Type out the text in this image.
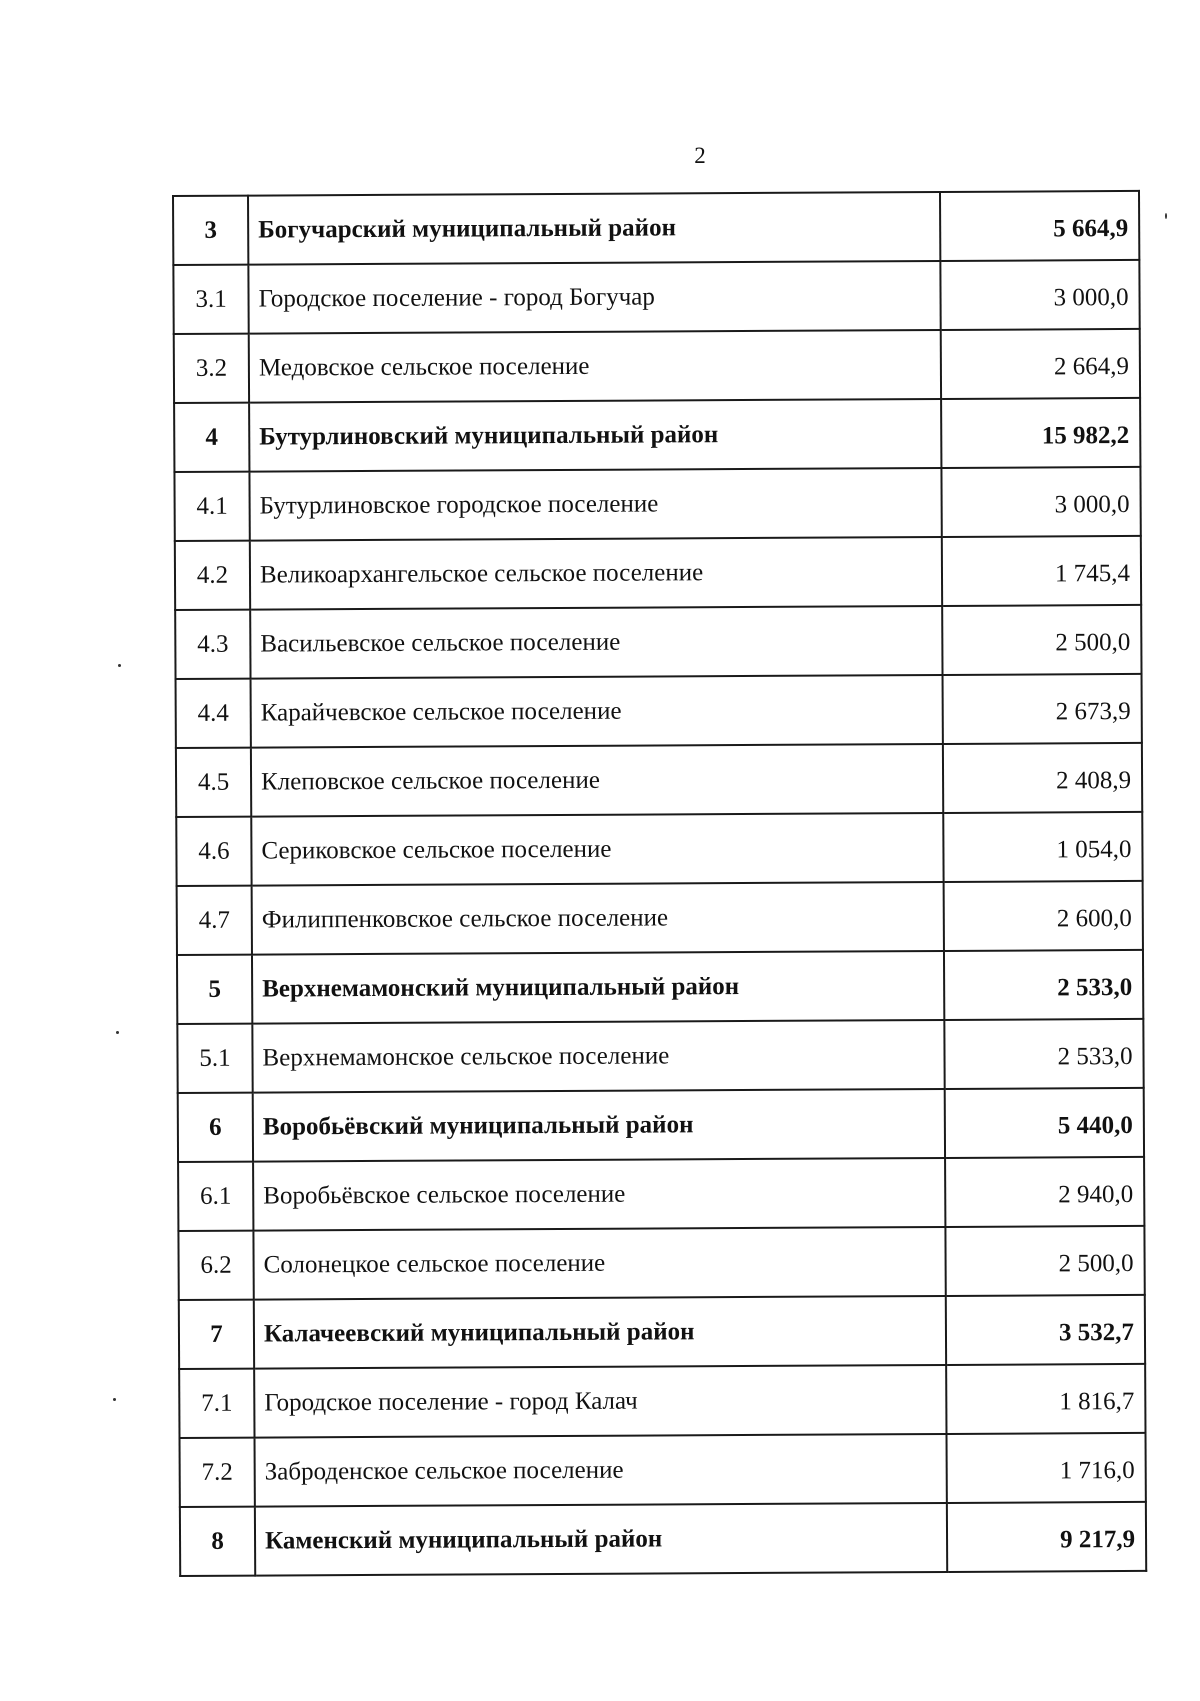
2
3	Богучарский муниципальный район	5 664,9
3.1	Городское поселение - город Богучар	3 000,0
3.2	Медовское сельское поселение	2 664,9
4	Бутурлиновский муниципальный район	15 982,2
4.1	Бутурлиновское городское поселение	3 000,0
4.2	Великоархангельское сельское поселение	1 745,4
4.3	Васильевское сельское поселение	2 500,0
4.4	Карайчевское сельское поселение	2 673,9
4.5	Клеповское сельское поселение	2 408,9
4.6	Сериковское сельское поселение	1 054,0
4.7	Филиппенковское сельское поселение	2 600,0
5	Верхнемамонский муниципальный район	2 533,0
5.1	Верхнемамонское сельское поселение	2 533,0
6	Воробьёвский муниципальный район	5 440,0
6.1	Воробьёвское сельское поселение	2 940,0
6.2	Солонецкое сельское поселение	2 500,0
7	Калачеевский муниципальный район	3 532,7
7.1	Городское поселение - город Калач	1 816,7
7.2	Заброденское сельское поселение	1 716,0
8	Каменский муниципальный район	9 217,9
